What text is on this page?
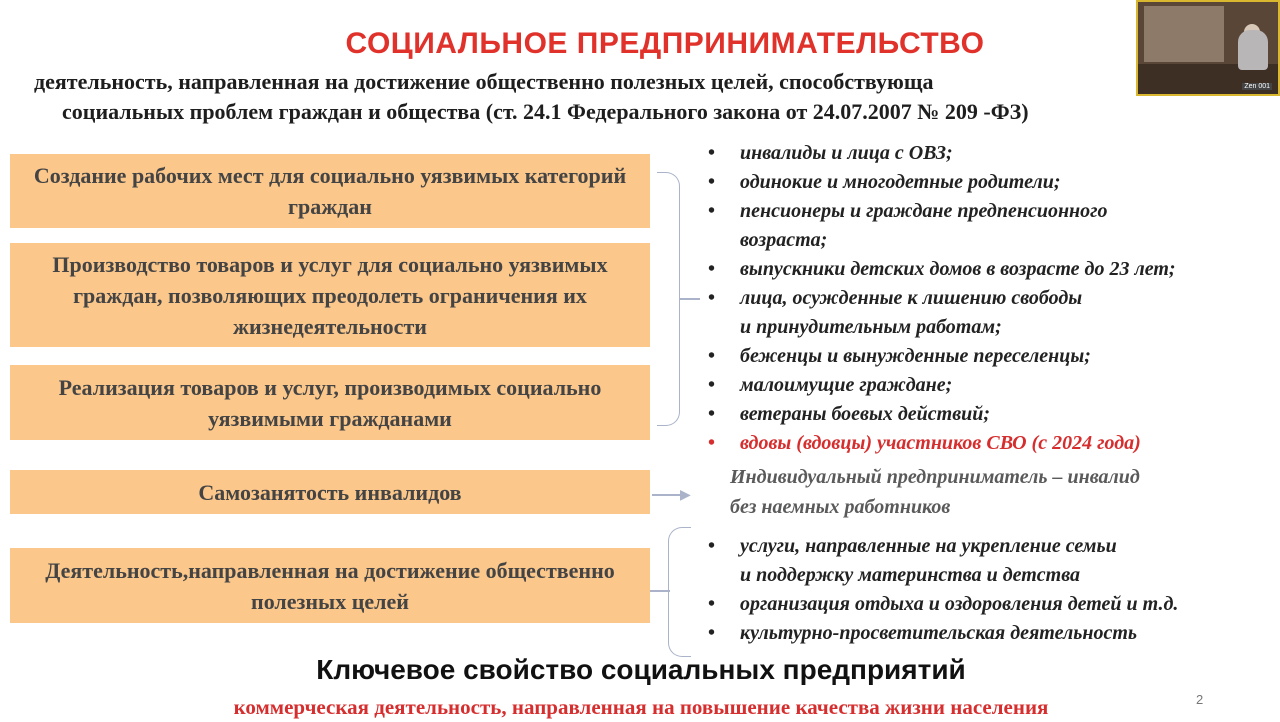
СОЦИАЛЬНОЕ ПРЕДПРИНИМАТЕЛЬСТВО
деятельность, направленная на достижение общественно полезных целей, способствующа
социальных проблем граждан и общества (ст. 24.1 Федерального закона от 24.07.2007 № 209 -ФЗ)
Zen 001
Создание рабочих мест для социально уязвимых категорий граждан
Производство товаров и услуг для социально уязвимых граждан, позволяющих преодолеть ограничения их жизнедеятельности
Реализация товаров и услуг, производимых социально уязвимыми гражданами
Самозанятость инвалидов
Деятельность,направленная на достижение общественно полезных целей
▶
• инвалиды и лица с ОВЗ;
• одинокие и многодетные родители;
• пенсионеры и граждане предпенсионного
возраста;
• выпускники детских домов в возрасте до 23 лет;
• лица, осужденные к лишению свободы
и принудительным работам;
• беженцы и вынужденные переселенцы;
• малоимущие граждане;
• ветераны боевых действий;
• вдовы (вдовцы) участников СВО (с 2024 года)
Индивидуальный предприниматель – инвалид
без наемных работников
• услуги, направленные на укрепление семьи
и поддержку материнства и детства
• организация отдыха и оздоровления детей и т.д.
• культурно-просветительская деятельность
Ключевое свойство социальных предприятий
коммерческая деятельность, направленная на повышение качества жизни населения	2
